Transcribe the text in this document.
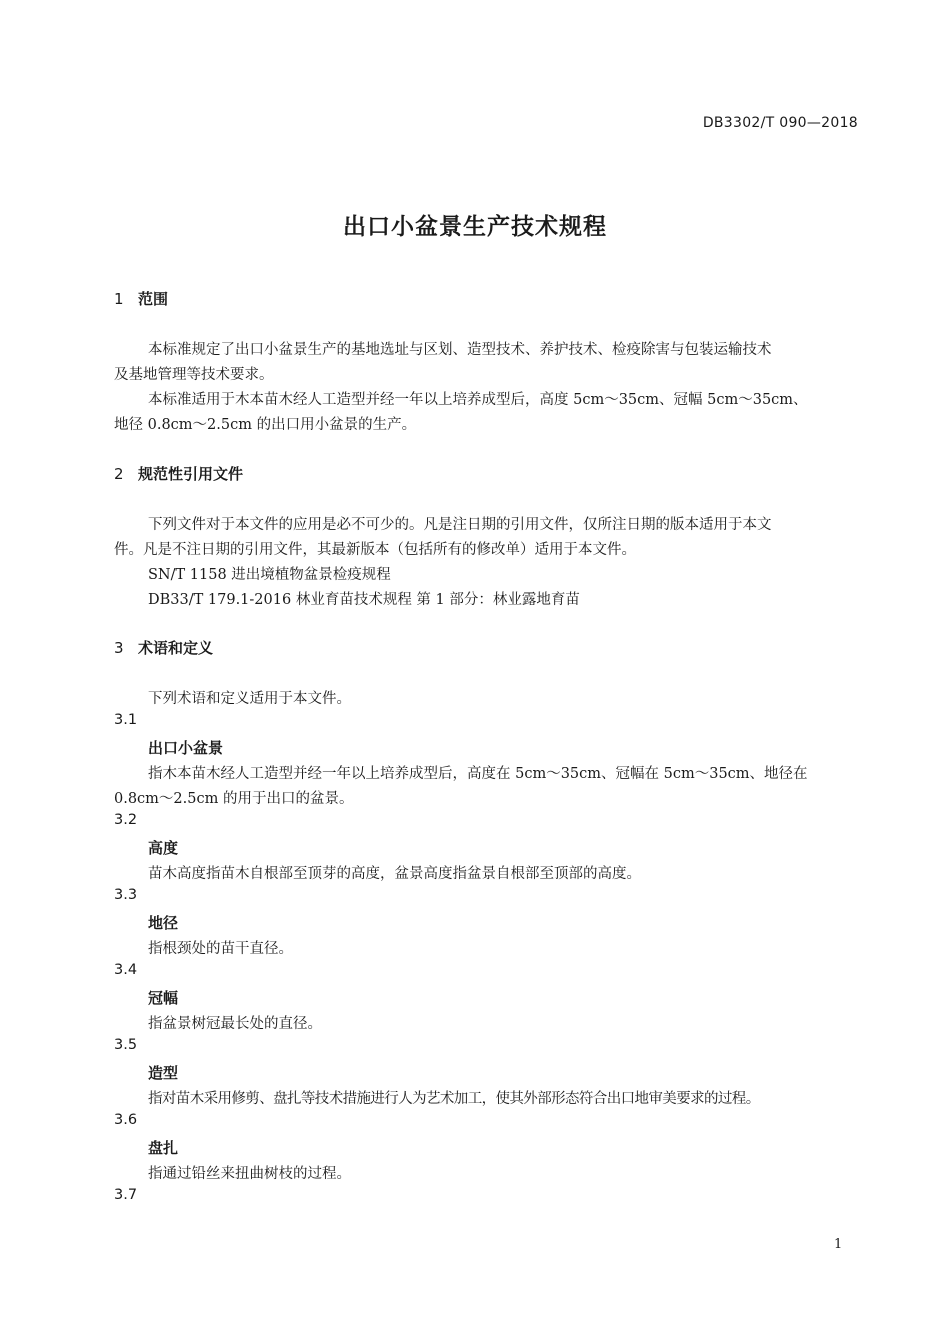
DB3302/T 090—2018
出口小盆景生产技术规程
1 范围
本标准规定了出口小盆景生产的基地选址与区划、造型技术、养护技术、检疫除害与包装运输技术
及基地管理等技术要求。
本标准适用于木本苗木经人工造型并经一年以上培养成型后，高度 5cm～35cm、冠幅 5cm～35cm、
地径 0.8cm～2.5cm 的出口用小盆景的生产。
2 规范性引用文件
下列文件对于本文件的应用是必不可少的。凡是注日期的引用文件，仅所注日期的版本适用于本文
件。凡是不注日期的引用文件，其最新版本（包括所有的修改单）适用于本文件。
SN/T 1158 进出境植物盆景检疫规程
DB33/T 179.1-2016 林业育苗技术规程 第 1 部分：林业露地育苗
3 术语和定义
下列术语和定义适用于本文件。
3.1
出口小盆景
指木本苗木经人工造型并经一年以上培养成型后，高度在 5cm～35cm、冠幅在 5cm～35cm、地径在
0.8cm～2.5cm 的用于出口的盆景。
3.2
高度
苗木高度指苗木自根部至顶芽的高度，盆景高度指盆景自根部至顶部的高度。
3.3
地径
指根颈处的苗干直径。
3.4
冠幅
指盆景树冠最长处的直径。
3.5
造型
指对苗木采用修剪、盘扎等技术措施进行人为艺术加工，使其外部形态符合出口地审美要求的过程。
3.6
盘扎
指通过铅丝来扭曲树枝的过程。
3.7
1
